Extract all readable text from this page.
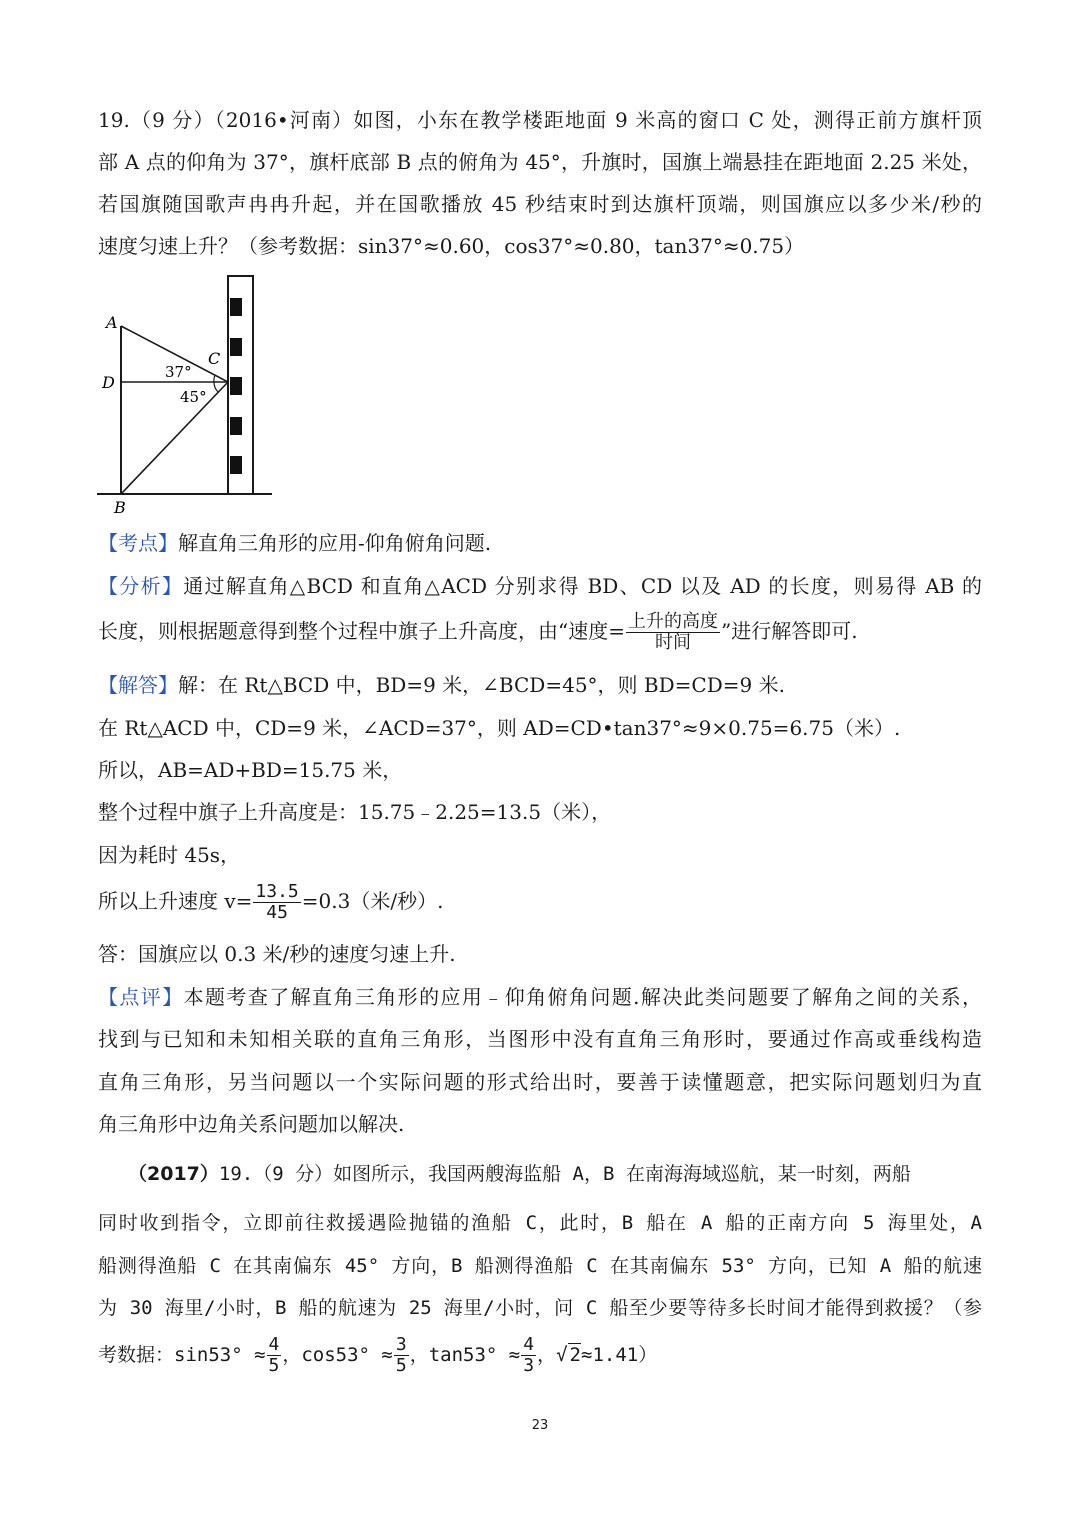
19.（9 分）（2016•河南）如图，小东在教学楼距地面 9 米高的窗口 C 处，测得正前方旗杆顶
部 A 点的仰角为 37°，旗杆底部 B 点的俯角为 45°，升旗时，国旗上端悬挂在距地面 2.25 米处，
若国旗随国歌声冉冉升起，并在国歌播放 45 秒结束时到达旗杆顶端，则国旗应以多少米/秒的
速度匀速上升？（参考数据：sin37°≈0.60，cos37°≈0.80，tan37°≈0.75）
A
D
B
C
37°
45°
【考点】解直角三角形的应用-仰角俯角问题.
【分析】通过解直角△BCD 和直角△ACD 分别求得 BD、CD 以及 AD 的长度，则易得 AB 的
长度，则根据题意得到整个过程中旗子上升高度，由“速度= $\frac{\text{上升的高度}}{\text{时间}}$ ”进行解答即可.
【解答】解：在 Rt△BCD 中，BD=9 米，∠BCD=45°，则 BD=CD=9 米.
在 Rt△ACD 中，CD=9 米，∠ACD=37°，则 AD=CD•tan37°≈9×0.75=6.75（米）.
所以，AB=AD+BD=15.75 米，
整个过程中旗子上升高度是：15.75﹣2.25=13.5（米），
因为耗时 45s，
所以上升速度 $v= \frac{13.5}{45} =0.3$（米/秒）.
答：国旗应以 0.3 米/秒的速度匀速上升.
【点评】本题考查了解直角三角形的应用﹣仰角俯角问题.解决此类问题要了解角之间的关系，
找到与已知和未知相关联的直角三角形，当图形中没有直角三角形时，要通过作高或垂线构造
直角三角形，另当问题以一个实际问题的形式给出时，要善于读懂题意，把实际问题划归为直
角三角形中边角关系问题加以解决.
（2017）19.（9 分）如图所示，我国两艘海监船 A，B 在南海海域巡航，某一时刻，两船
同时收到指令，立即前往救援遇险抛锚的渔船 C，此时，B 船在 A 船的正南方向 5 海里处，A
船测得渔船 C 在其南偏东 45° 方向，B 船测得渔船 C 在其南偏东 53° 方向，已知 A 船的航速
为 30 海里/小时，B 船的航速为 25 海里/小时，问 C 船至少要等待多长时间才能得到救援？（参
考数据：$\sin 53^\circ \approx \frac{4}{5}$ ，$\cos 53^\circ \approx \frac{3}{5}$ ，$\tan 53^\circ \approx \frac{4}{3}$ ，√ 2≈1.41）
23
